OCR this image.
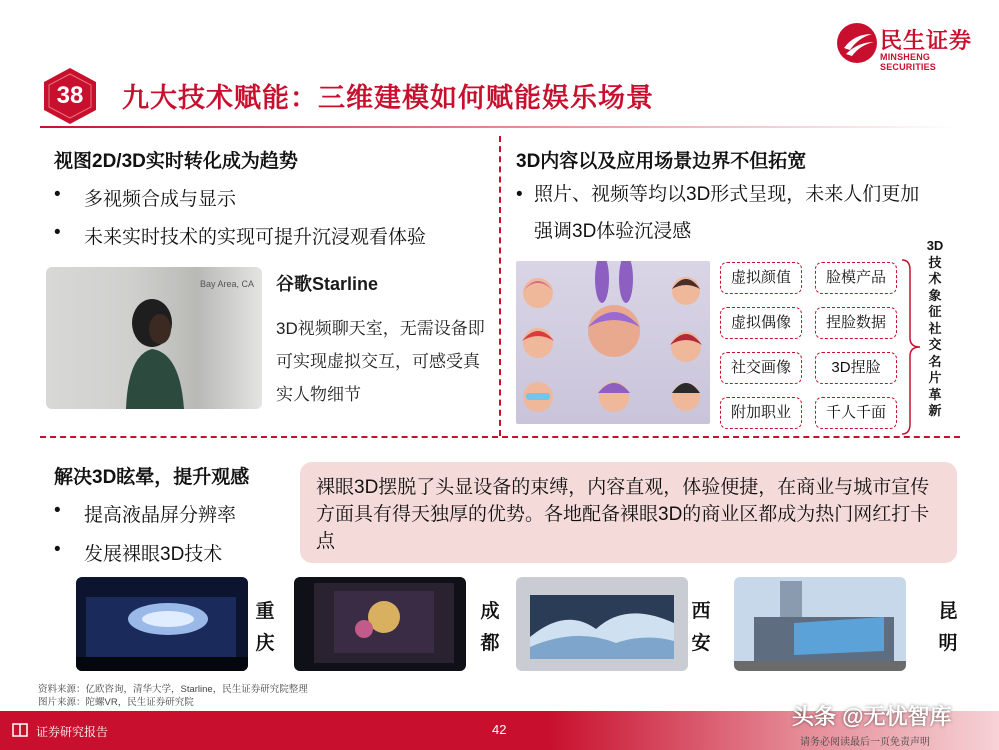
民生证券
MINSHENG SECURITIES
38	九大技术赋能：三维建模如何赋能娱乐场景
视图2D/3D实时转化成为趋势
• 多视频合成与显示
• 未来实时技术的实现可提升沉浸观看体验
Bay Area, CA 谷歌Starline
3D视频聊天室，无需设备即可实现虚拟交互，可感受真实人物细节
3D内容以及应用场景边界不但拓宽
• 照片、视频等均以3D形式呈现，未来人们更加强调3D体验沉浸感
虚拟颜值
虚拟偶像
社交画像
附加职业
脸模产品
捏脸数据
3D捏脸
千人千面
3D技术象征社交名片革新
解决3D眩晕，提升观感
• 提高液晶屏分辨率
• 发展裸眼3D技术
裸眼3D摆脱了头显设备的束缚，内容直观，体验便捷，在商业与城市宣传方面具有得天独厚的优势。各地配备裸眼3D的商业区都成为热门网红打卡点
重庆
成都
西安
昆明
资料来源：亿欧咨询，清华大学，Starline，民生证券研究院整理
图片来源：陀螺VR，民生证券研究院
证券研究报告	42
请务必阅读最后一页免责声明
头条 @无忧智库
